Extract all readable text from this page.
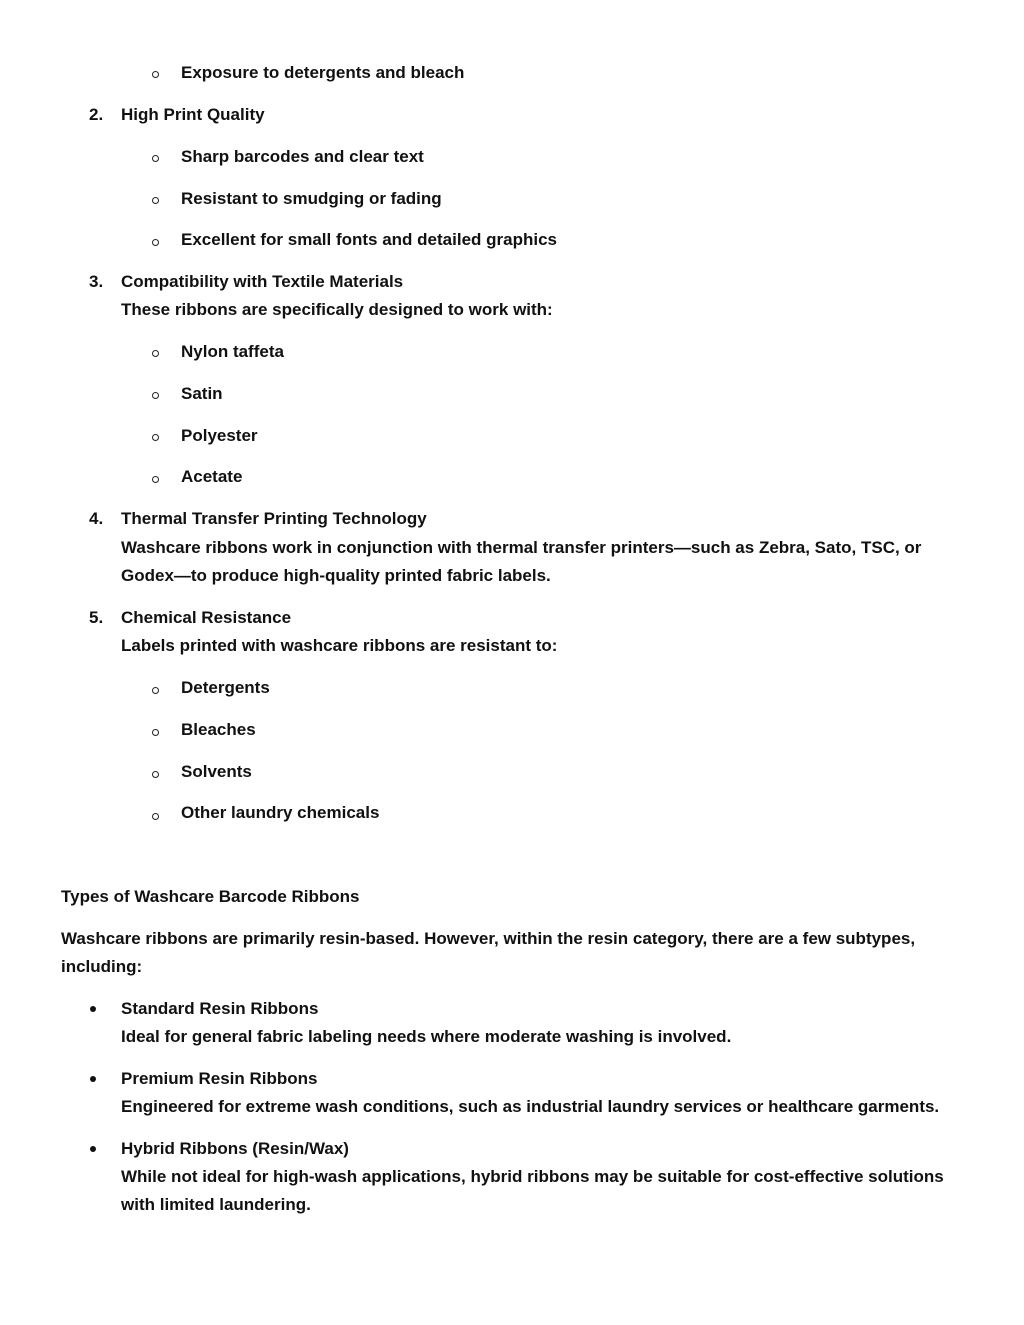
Exposure to detergents and bleach
2. High Print Quality
Sharp barcodes and clear text
Resistant to smudging or fading
Excellent for small fonts and detailed graphics
3. Compatibility with Textile Materials
These ribbons are specifically designed to work with:
Nylon taffeta
Satin
Polyester
Acetate
4. Thermal Transfer Printing Technology
Washcare ribbons work in conjunction with thermal transfer printers—such as Zebra, Sato, TSC, or
Godex—to produce high-quality printed fabric labels.
5. Chemical Resistance
Labels printed with washcare ribbons are resistant to:
Detergents
Bleaches
Solvents
Other laundry chemicals
Types of Washcare Barcode Ribbons
Washcare ribbons are primarily resin-based. However, within the resin category, there are a few subtypes,
including:
Standard Resin Ribbons
Ideal for general fabric labeling needs where moderate washing is involved.
Premium Resin Ribbons
Engineered for extreme wash conditions, such as industrial laundry services or healthcare garments.
Hybrid Ribbons (Resin/Wax)
While not ideal for high-wash applications, hybrid ribbons may be suitable for cost-effective solutions
with limited laundering.
